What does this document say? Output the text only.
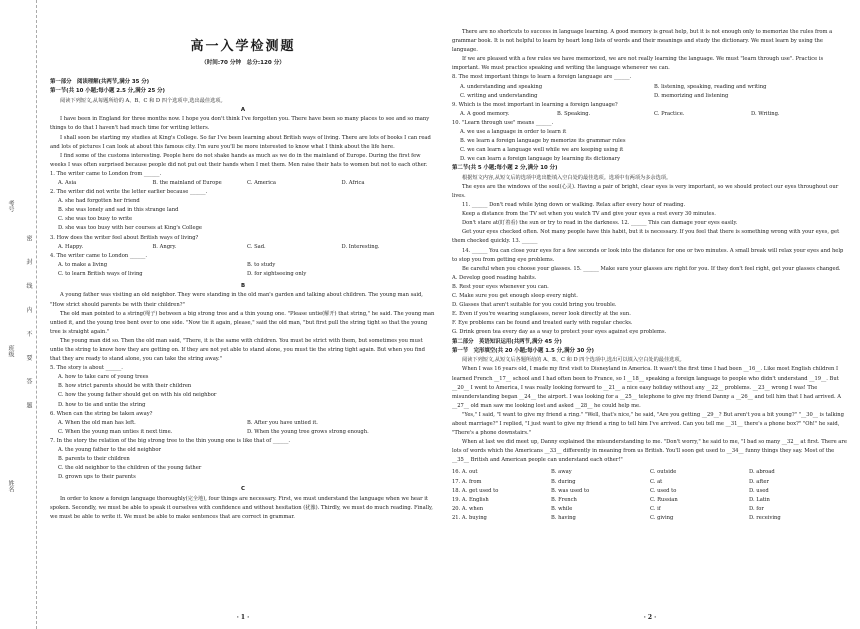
考号
班级
姓名
密 封 线 内 不 要 答 题
高一入学检测题
（时间:70 分钟　总分:120 分）

第一部分　阅读理解(共两节,满分 35 分)

第一节(共 10 小题;每小题 2.5 分,满分 25 分)

阅读下列短文,从每题所给的 A、B、C 和 D 四个选项中,选出最佳选项。

A

I have been in England for three months now. I hope you don't think I've forgotten you. There have been so many places to see and so many things to do that I haven't had much time for writing letters.

I shall soon be starting my studies at King's College. So far I've been learning about British ways of living. There are lots of books I can read and lots of pictures I can look at about this famous city. I'm sure you'll be more interested to know what I think about the life here.

I find some of the customs interesting. People here do not shake hands as much as we do in the mainland of Europe. During the first few weeks I was often surprised because people did not put out their hands when I met them. Men raise their hats to women but not to each other.

1. The writer came to London from ______.

A. Asia	B. the mainland of Europe	C. America	D. Africa

2. The writer did not write the letter earlier because ______.

A. she had forgotten her friend

B. she was lonely and sad in this strange land

C. she was too busy to write

D. she was too busy with her courses at King's College

3. How does the writer feel about British ways of living?

A. Happy.	B. Angry.	C. Sad.	D. Interesting.

4. The writer came to London ______.

A. to make a living	B. to study
C. to learn British ways of living	D. for sightseeing only

B

A young father was visiting an old neighbor. They were standing in the old man's garden and talking about children. The young man said, "How strict should parents be with their children?"

The old man pointed to a string(绳子) between a big strong tree and a thin young one. "Please untie(解开) that string," he said. The young man untied it, and the young tree bent over to one side. "Now tie it again, please," said the old man, "but first pull the string tight so that the young tree is straight again."

The young man did so. Then the old man said, "There, it is the same with children. You must be strict with them, but sometimes you must untie the string to know how they are getting on. If they are not yet able to stand alone, you must tie the string tight again. But when you find that they are ready to stand alone, you can take the string away."

5. The story is about ______.

A. how to take care of young trees

B. how strict parents should be with their children

C. how the young father should get on with his old neighbor

D. how to tie and untie the string

6. When can the string be taken away?

A. When the old man has left.	B. After you have untied it.
C. When the young man unties it next time.	D. When the young tree grows strong enough.

7. In the story the relation of the big strong tree to the thin young one is like that of ______.

A. the young father to the old neighbor

B. parents to their children

C. the old neighbor to the children of the young father

D. grown ups to their parents

C

In order to know a foreign language thoroughly(完全地), four things are necessary. First, we must understand the language when we hear it spoken. Secondly, we must be able to speak it ourselves with confidence and without hesitation (犹豫). Thirdly, we must do much reading. Finally, we must be able to write it. We must be able to make sentences that are correct in grammar.

· 1 ·

There are no shortcuts to success in language learning. A good memory is great help, but it is not enough only to memorize the rules from a grammar book. It is not helpful to learn by heart long lists of words and their meanings and study the dictionary. We must learn by using the language.

If we are pleased with a few rules we have memorized, we are not really learning the language. We must "learn through use". Practice is important. We must practice speaking and writing the language whenever we can.

8. The most important things to learn a foreign language are ______.

A. understanding and speaking	B. listening, speaking, reading and writing
C. writing and understanding	D. memorizing and listening

9. Which is the most important in learning a foreign language?

A. A good memory.	B. Speaking.	C. Practice.	D. Writing.

10. "Learn through use" means ______.

A. we use a language in order to learn it

B. we learn a foreign language by memorize its grammar rules

C. we can learn a language well while we are keeping using it

D. we can learn a foreign language by learning its dictionary

第二节(共 5 小题;每小题 2 分,满分 10 分)

根据短文内容,从短文后的选项中选出能填入空白处的最佳选项。选项中有两项为多余选项。

The eyes are the windows of the soul(心灵). Having a pair of bright, clear eyes is very important, so we should protect our eyes throughout our lives.

11. ______ Don't read while lying down or walking. Relax after every hour of reading.

Keep a distance from the TV set when you watch TV and give your eyes a rest every 30 minutes.

Don't stare at(盯着看) the sun or try to read in the darkness. 12. ______ This can damage your eyes easily.

Get your eyes checked often. Not many people have this habit, but it is necessary. If you feel that there is something wrong with your eyes, get them checked quickly. 13. ______

14. ______ You can close your eyes for a few seconds or look into the distance for one or two minutes. A small break will relax your eyes and help to stop you from getting eye problems.

Be careful when you choose your glasses. 15. ______ Make sure your glasses are right for you. If they don't feel right, get your glasses changed.

A. Develop good reading habits.

B. Rest your eyes whenever you can.

C. Make sure you get enough sleep every night.

D. Glasses that aren't suitable for you could bring you trouble.

E. Even if you're wearing sunglasses, never look directly at the sun.

F. Eye problems can be found and treated early with regular checks.

G. Drink green tea every day as a way to protect your eyes against eye problems.

第二部分　英语知识运用(共两节,满分 45 分)

第一节　完形填空(共 20 小题;每小题 1.5 分,满分 30 分)

阅读下列短文,从短文后各题所给的 A、B、C 和 D 四个选项中,选出可以填入空白处的最佳选项。

When I was 16 years old, I made my first visit to Disneyland in America. It wasn't the first time I had been __16__. Like most English children I learned French __17__ school and I had often been to France, so I __18__ speaking a foreign language to people who didn't understand __19__. But __20__ I went to America, I was really looking forward to __21__ a nice easy holiday without any __22__ problems. __23__ wrong I was! The misunderstanding began __24__ the airport. I was looking for a __25__ telephone to give my friend Danny a __26__ and tell him that I had arrived. A __27__ old man saw me looking lost and asked __28__ he could help me.

"Yes," I said, "I want to give my friend a ring." "Well, that's nice," he said, "Are you getting __29__? But aren't you a bit young?" "__30__ is talking about marriage?" I replied, "I just want to give my friend a ring to tell him I've arrived. Can you tell me __31__ there's a phone box?" "Oh!" he said, "There's a phone downstairs."

When at last we did meet up, Danny explained the misunderstanding to me. "Don't worry," he said to me, "I bad so many __32__ at first. There are lots of words which the Americans __33__ differently in meaning from us British. You'll soon get used to __34__ funny things they say. Most of the __35__ British and American people can understand each other!"

16. A. out	B. away	C. outside	D. abroad
17. A. from	B. during	C. at	D. after
18. A. get used to	B. was used to	C. used to	D. used
19. A. English	B. French	C. Russian	D. Latin
20. A. when	B. while	C. if	D. for
21. A. buying	B. having	C. giving	D. receiving
· 2 ·
